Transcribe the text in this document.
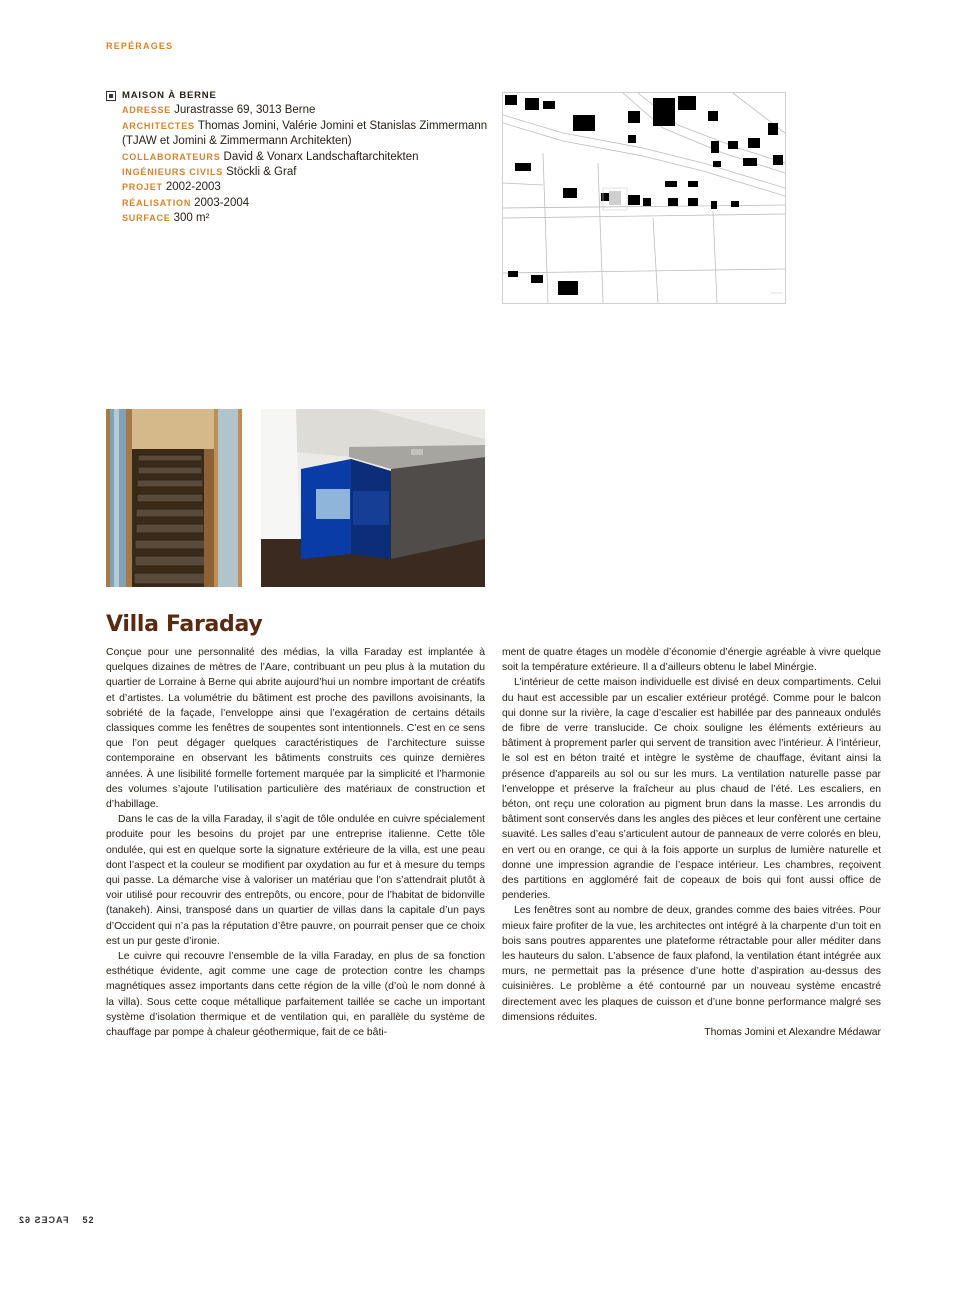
REPÉRAGES
MAISON À BERNE
ADRESSE Jurastrasse 69, 3013 Berne
ARCHITECTES Thomas Jomini, Valérie Jomini et Stanislas Zimmermann
(TJAW et Jomini & Zimmermann Architekten)
COLLABORATEURS David & Vonarx Landschaftarchitekten
INGÉNIEURS CIVILS Stöckli & Graf
PROJET 2002-2003
RÉALISATION 2003-2004
SURFACE 300 m²
Villa Faraday

Conçue pour une personnalité des médias, la villa Faraday est implantée à quelques dizaines de mètres de l’Aare, contribuant un peu plus à la mutation du quartier de Lorraine à Berne qui abrite aujourd’hui un nombre important de créatifs et d’artistes. La volumétrie du bâtiment est proche des pavillons avoisinants, la sobriété de la façade, l’enveloppe ainsi que l’exagération de certains détails classiques comme les fenêtres de soupentes sont intentionnels. C’est en ce sens que l’on peut dégager quelques caractéristiques de l’architecture suisse contemporaine en observant les bâtiments construits ces quinze dernières années. À une lisibilité formelle fortement marquée par la simplicité et l’harmonie des volumes s’ajoute l’utilisation particulière des matériaux de construction et d’habillage.

Dans le cas de la villa Faraday, il s’agit de tôle ondulée en cuivre spécialement produite pour les besoins du projet par une entreprise italienne. Cette tôle ondulée, qui est en quelque sorte la signature extérieure de la villa, est une peau dont l’aspect et la couleur se modifient par oxydation au fur et à mesure du temps qui passe. La démarche vise à valoriser un matériau que l’on s’attendrait plutôt à voir utilisé pour recouvrir des entrepôts, ou encore, pour de l’habitat de bidonville (tanakeh). Ainsi, transposé dans un quartier de villas dans la capitale d’un pays d’Occident qui n’a pas la réputation d’être pauvre, on pourrait penser que ce choix est un pur geste d’ironie.

Le cuivre qui recouvre l’ensemble de la villa Faraday, en plus de sa fonction esthétique évidente, agit comme une cage de protection contre les champs magnétiques assez importants dans cette région de la ville (d’où le nom donné à la villa). Sous cette coque métallique parfaitement taillée se cache un important système d’isolation thermique et de ventilation qui, en parallèle du système de chauffage par pompe à chaleur géothermique, fait de ce bâti-

ment de quatre étages un modèle d’économie d’énergie agréable à vivre quelque soit la température extérieure. Il a d’ailleurs obtenu le label Minérgie.

L’intérieur de cette maison individuelle est divisé en deux compartiments. Celui du haut est accessible par un escalier extérieur protégé. Comme pour le balcon qui donne sur la rivière, la cage d’escalier est habillée par des panneaux ondulés de fibre de verre translucide. Ce choix souligne les éléments extérieurs au bâtiment à proprement parler qui servent de transition avec l’intérieur. À l’intérieur, le sol est en béton traité et intègre le système de chauffage, évitant ainsi la présence d’appareils au sol ou sur les murs. La ventilation naturelle passe par l’enveloppe et préserve la fraîcheur au plus chaud de l’été. Les escaliers, en béton, ont reçu une coloration au pigment brun dans la masse. Les arrondis du bâtiment sont conservés dans les angles des pièces et leur confèrent une certaine suavité. Les salles d’eau s’articulent autour de panneaux de verre colorés en bleu, en vert ou en orange, ce qui à la fois apporte un surplus de lumière naturelle et donne une impression agrandie de l’espace intérieur. Les chambres, reçoivent des partitions en aggloméré fait de copeaux de bois qui font aussi office de penderies.

Les fenêtres sont au nombre de deux, grandes comme des baies vitrées. Pour mieux faire profiter de la vue, les architectes ont intégré à la charpente d’un toit en bois sans poutres apparentes une plateforme rétractable pour aller méditer dans les hauteurs du salon. L’absence de faux plafond, la ventilation étant intégrée aux murs, ne permettait pas la présence d’une hotte d’aspiration au-dessus des cuisinières. Le problème a été contourné par un nouveau système encastré directement avec les plaques de cuisson et d’une bonne performance malgré ses dimensions réduites.

Thomas Jomini et Alexandre Médawar
FACES 62 52
